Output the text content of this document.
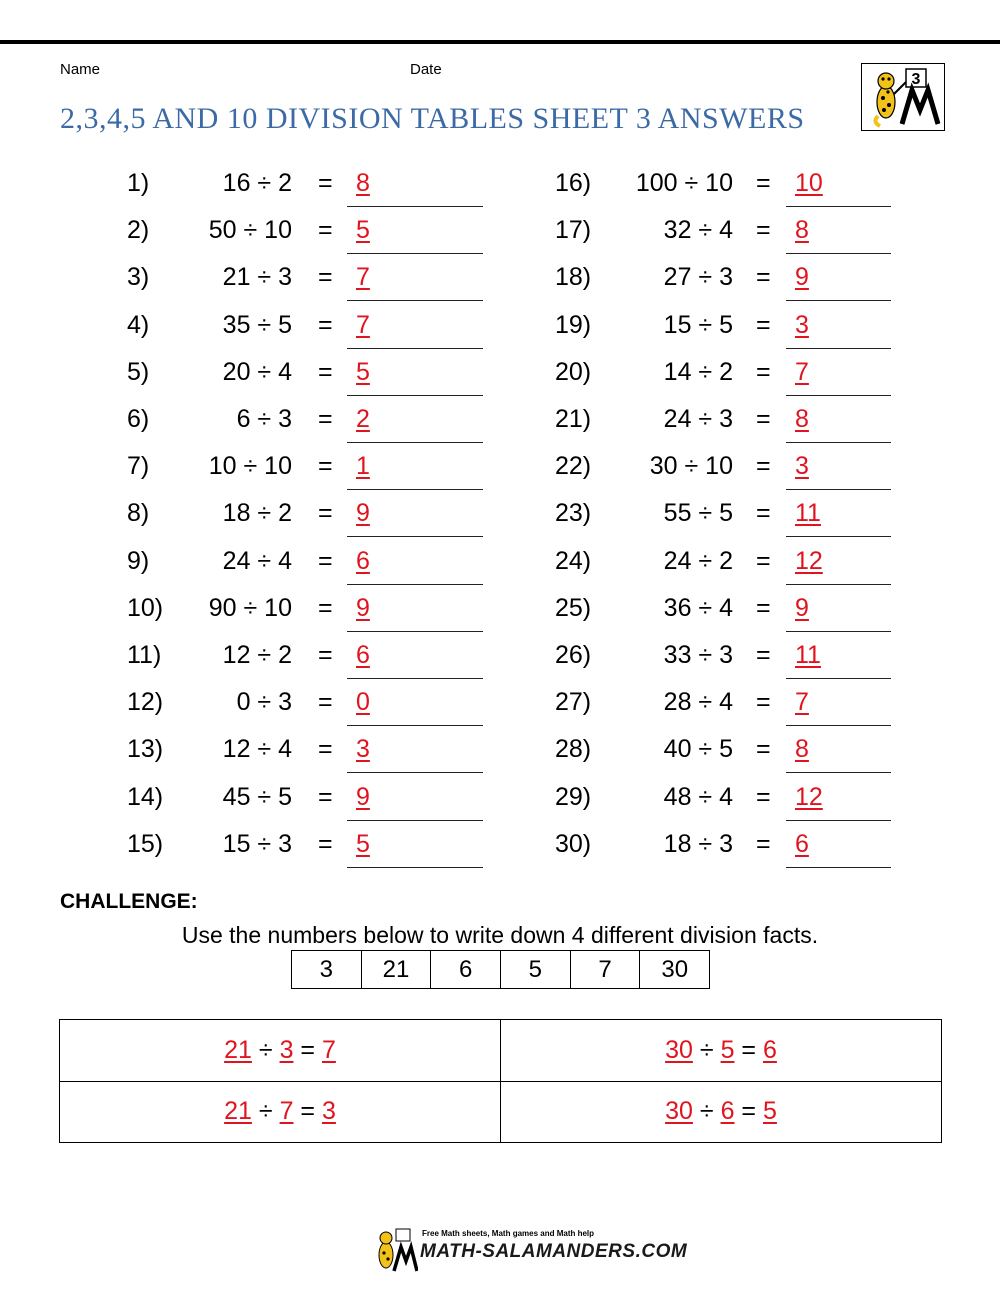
Name	Date
2,3,4,5 AND 10 DIVISION TABLES SHEET 3 ANSWERS
3
1)	16 ÷ 2 = 8
2)	50 ÷ 10 = 5
3)	21 ÷ 3 = 7
4)	35 ÷ 5 = 7
5)	20 ÷ 4 = 5
6)	6 ÷ 3 = 2
7)	10 ÷ 10 = 1
8)	18 ÷ 2 = 9
9)	24 ÷ 4 = 6
10)	90 ÷ 10 = 9
11)	12 ÷ 2 = 6
12)	0 ÷ 3 = 0
13)	12 ÷ 4 = 3
14)	45 ÷ 5 = 9
15)	15 ÷ 3 = 5
16)	100 ÷ 10 = 10
17)	32 ÷ 4 = 8
18)	27 ÷ 3 = 9
19)	15 ÷ 5 = 3
20)	14 ÷ 2 = 7
21)	24 ÷ 3 = 8
22)	30 ÷ 10 = 3
23)	55 ÷ 5 = 11
24)	24 ÷ 2 = 12
25)	36 ÷ 4 = 9
26)	33 ÷ 3 = 11
27)	28 ÷ 4 = 7
28)	40 ÷ 5 = 8
29)	48 ÷ 4 = 12
30)	18 ÷ 3 = 6
CHALLENGE:
Use the numbers below to write down 4 different division facts.
3	21	6	5	7	30
21 ÷ 3 = 7	30 ÷ 5 = 6
21 ÷ 7 = 3	30 ÷ 6 = 5
Free Math sheets, Math games and Math help
MATH-SALAMANDERS.COM
